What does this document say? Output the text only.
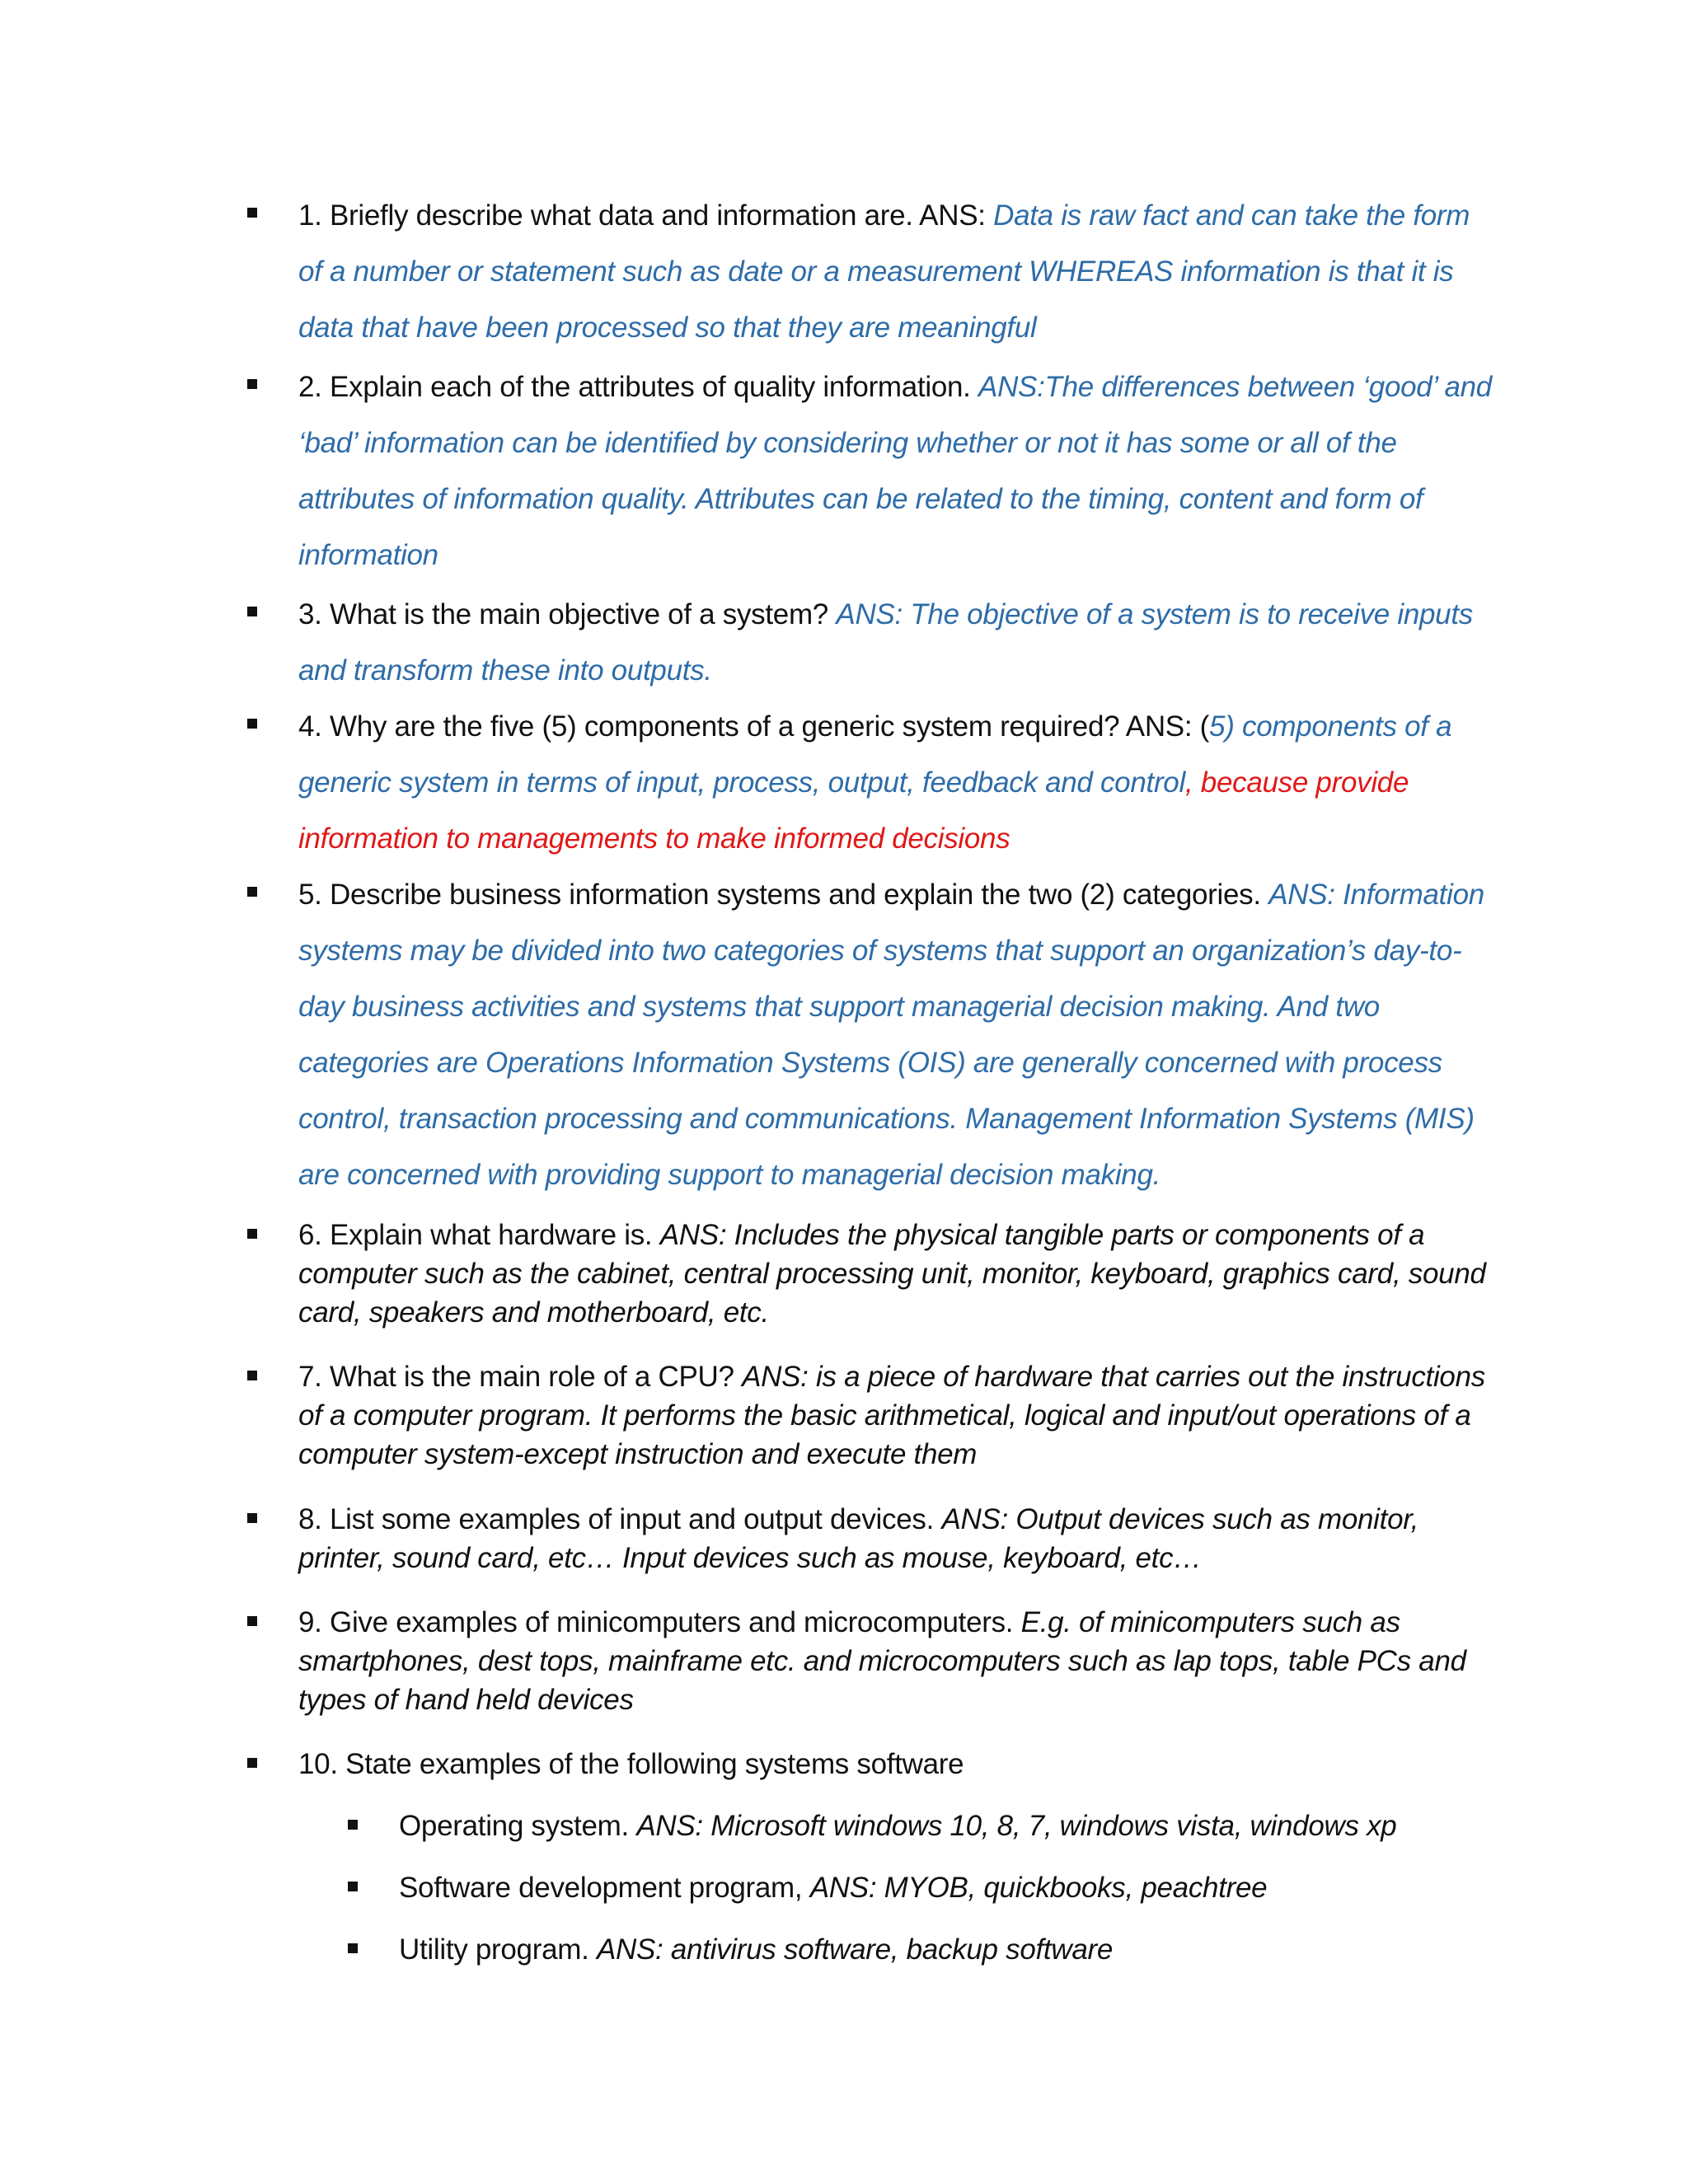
1. Briefly describe what data and information are. ANS: Data is raw fact and can take the form of a number or statement such as date or a measurement WHEREAS information is that it is data that have been processed so that they are meaningful
2. Explain each of the attributes of quality information. ANS:The differences between ‘good’ and ‘bad’ information can be identified by considering whether or not it has some or all of the attributes of information quality. Attributes can be related to the timing, content and form of information
3. What is the main objective of a system? ANS: The objective of a system is to receive inputs and transform these into outputs.
4. Why are the five (5) components of a generic system required? ANS: (5) components of a generic system in terms of input, process, output, feedback and control, because provide information to managements to make informed decisions
5. Describe business information systems and explain the two (2) categories. ANS: Information systems may be divided into two categories of systems that support an organization’s day-to-day business activities and systems that support managerial decision making. And two categories are Operations Information Systems (OIS) are generally concerned with process control, transaction processing and communications. Management Information Systems (MIS) are concerned with providing support to managerial decision making.
6. Explain what hardware is. ANS: Includes the physical tangible parts or components of a computer such as the cabinet, central processing unit, monitor, keyboard, graphics card, sound card, speakers and motherboard, etc.
7. What is the main role of a CPU? ANS: is a piece of hardware that carries out the instructions of a computer program. It performs the basic arithmetical, logical and input/out operations of a computer system-except instruction and execute them
8. List some examples of input and output devices. ANS: Output devices such as monitor, printer, sound card, etc… Input devices such as mouse, keyboard, etc…
9. Give examples of minicomputers and microcomputers. E.g. of minicomputers such as smartphones, dest tops, mainframe etc. and microcomputers such as lap tops, table PCs and types of hand held devices
10. State examples of the following systems software
Operating system. ANS: Microsoft windows 10, 8, 7, windows vista, windows xp
Software development program, ANS: MYOB, quickbooks, peachtree
Utility program. ANS: antivirus software, backup software
